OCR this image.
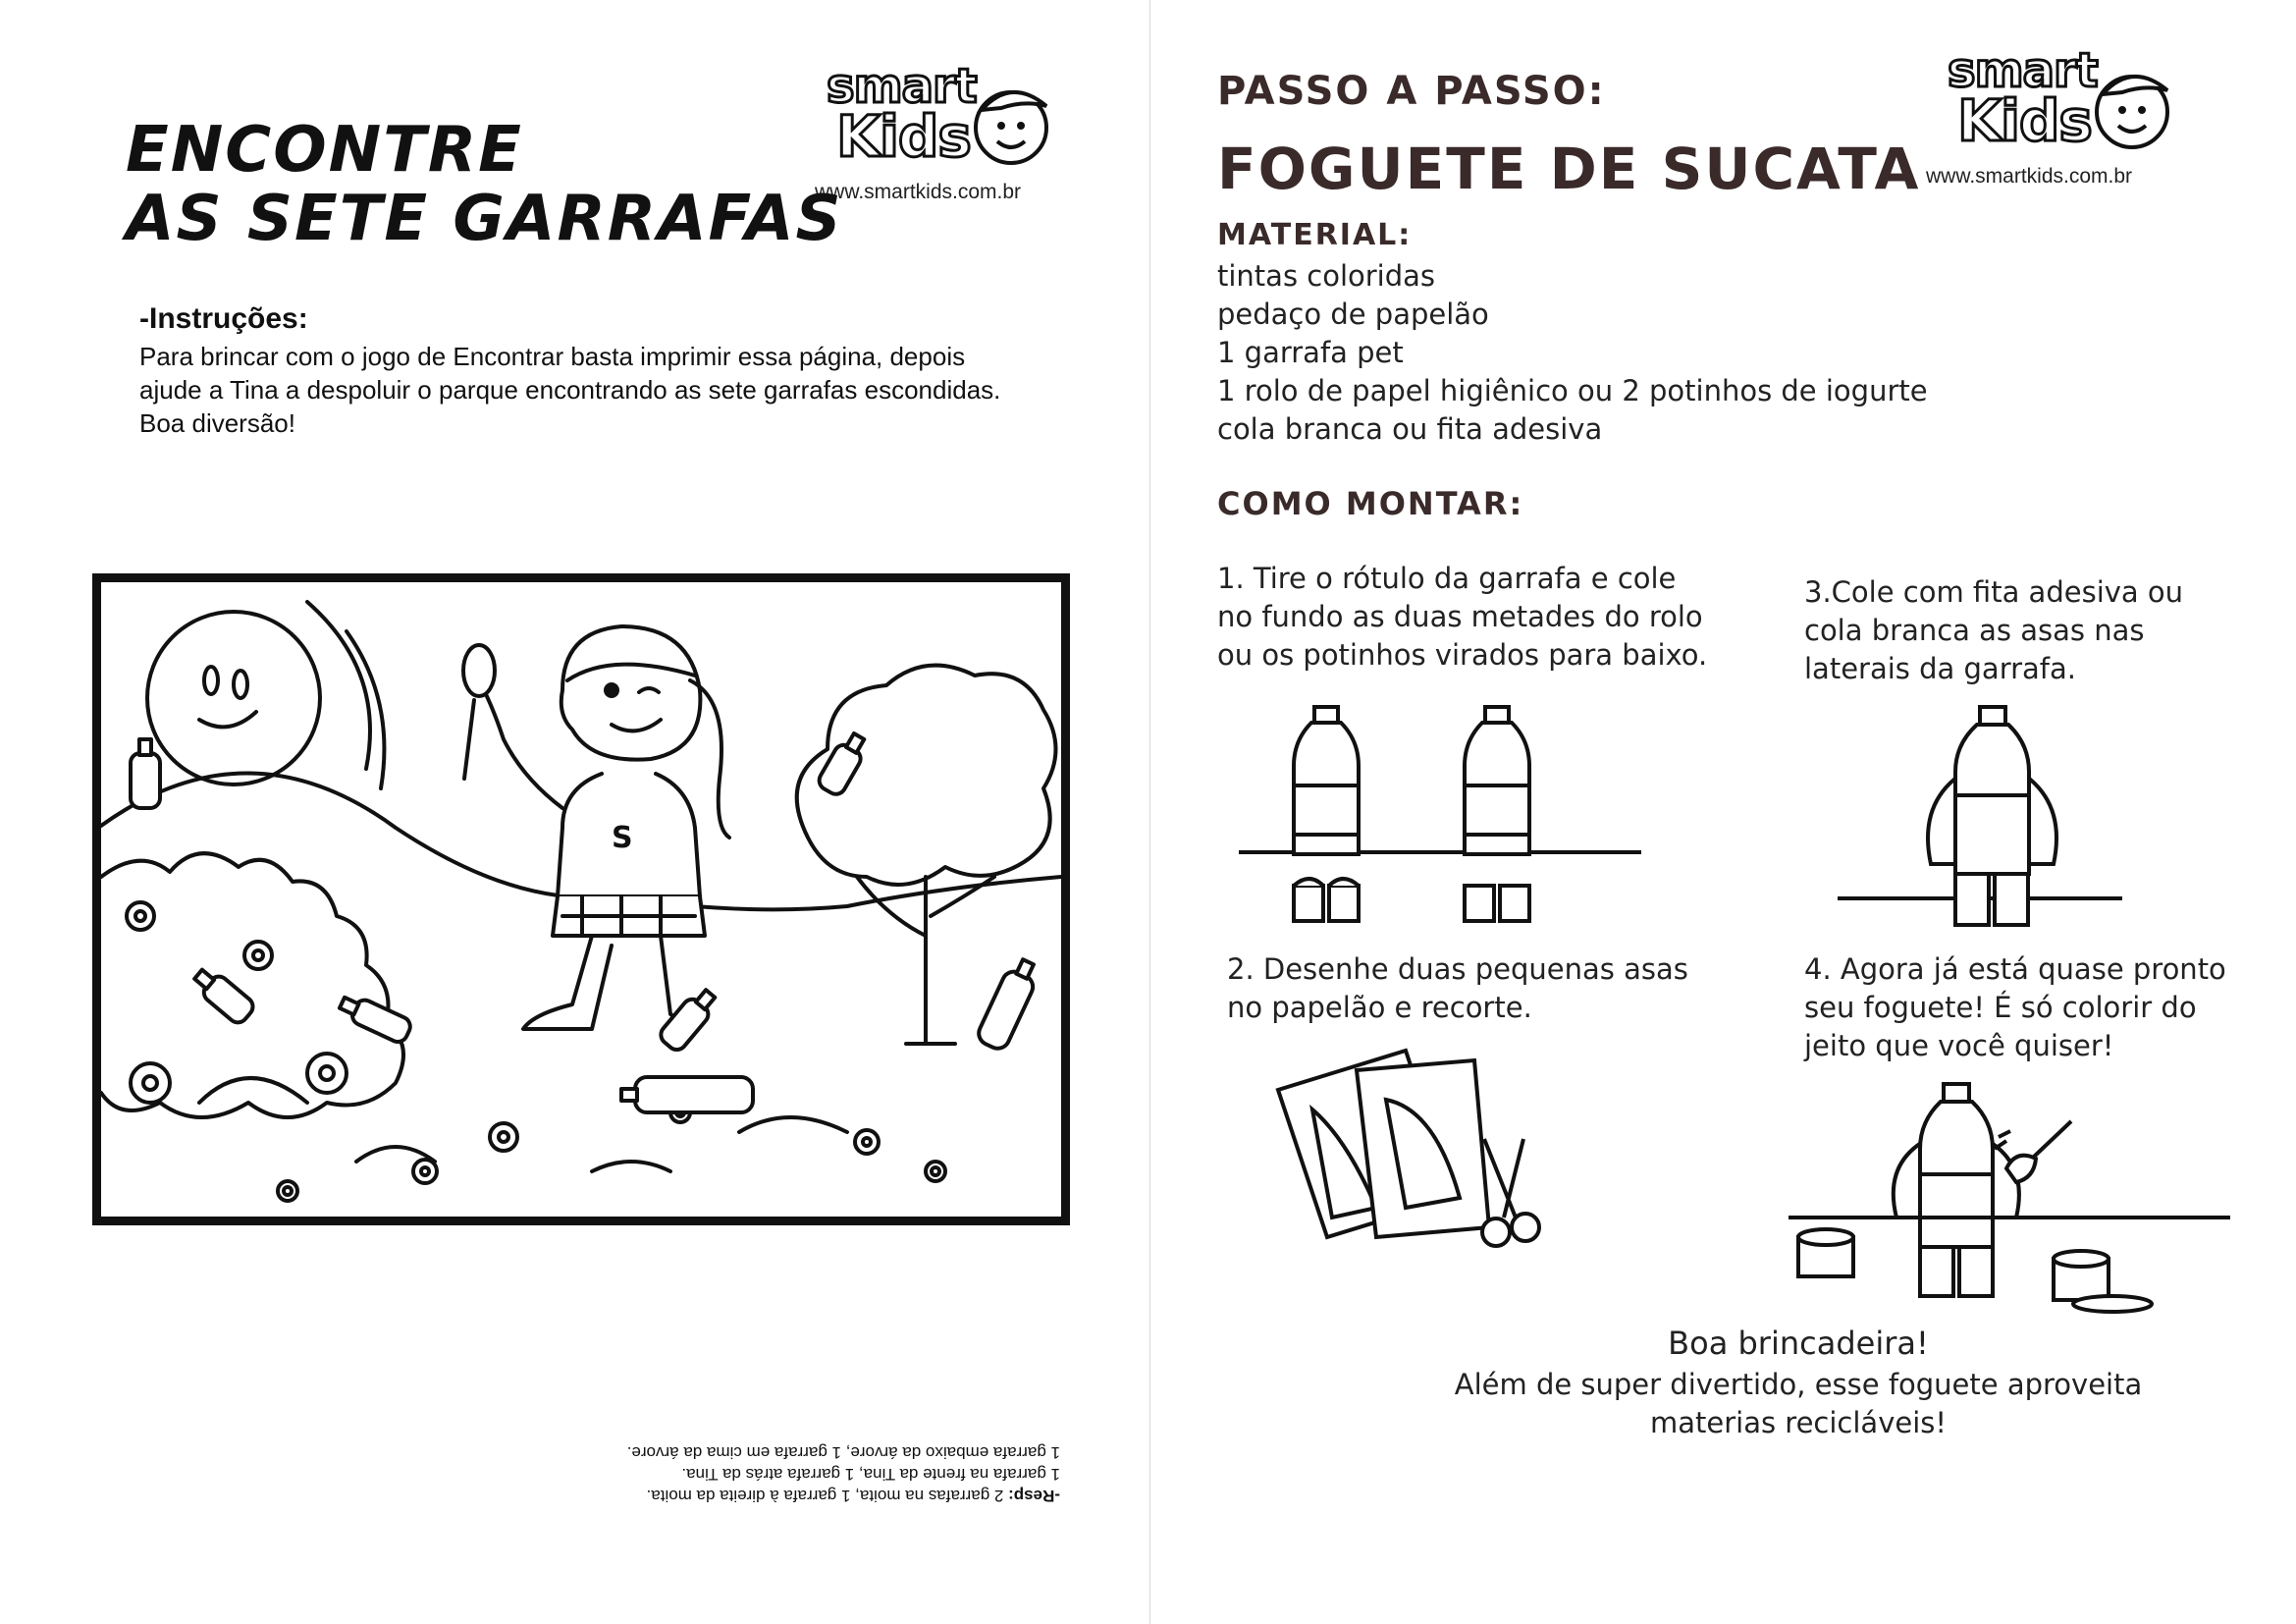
smart
Kids
www.smartkids.com.br
ENCONTRE
AS SETE GARRAFAS
-Instruções:

Para brincar com o jogo de Encontrar basta imprimir essa página, depois

ajude a Tina a despoluir o parque encontrando as sete garrafas escondidas.

Boa diversão!

S
-Resp: 2 garrafas na moita, 1 garrafa à direita da moita.
1 garrafa na frente da Tina, 1 garrafa atrás da Tina.
1 garrafa embaixo da árvore, 1 garrafa em cima da árvore.
smart
Kids
www.smartkids.com.br
PASSO A PASSO:
FOGUETE DE SUCATA
MATERIAL:

tintas coloridas

pedaço de papelão

1 garrafa pet

1 rolo de papel higiênico ou 2 potinhos de iogurte

cola branca ou fita adesiva

COMO MONTAR:

1. Tire o rótulo da garrafa e cole

no fundo as duas metades do rolo

ou os potinhos virados para baixo.

3.Cole com fita adesiva ou

cola branca as asas nas

laterais da garrafa.

2. Desenhe duas pequenas asas

no papelão e recorte.

4. Agora já está quase pronto

seu foguete! É só colorir do

jeito que você quiser!

Boa brincadeira!
Além de super divertido, esse foguete aproveita
materias recicláveis!
